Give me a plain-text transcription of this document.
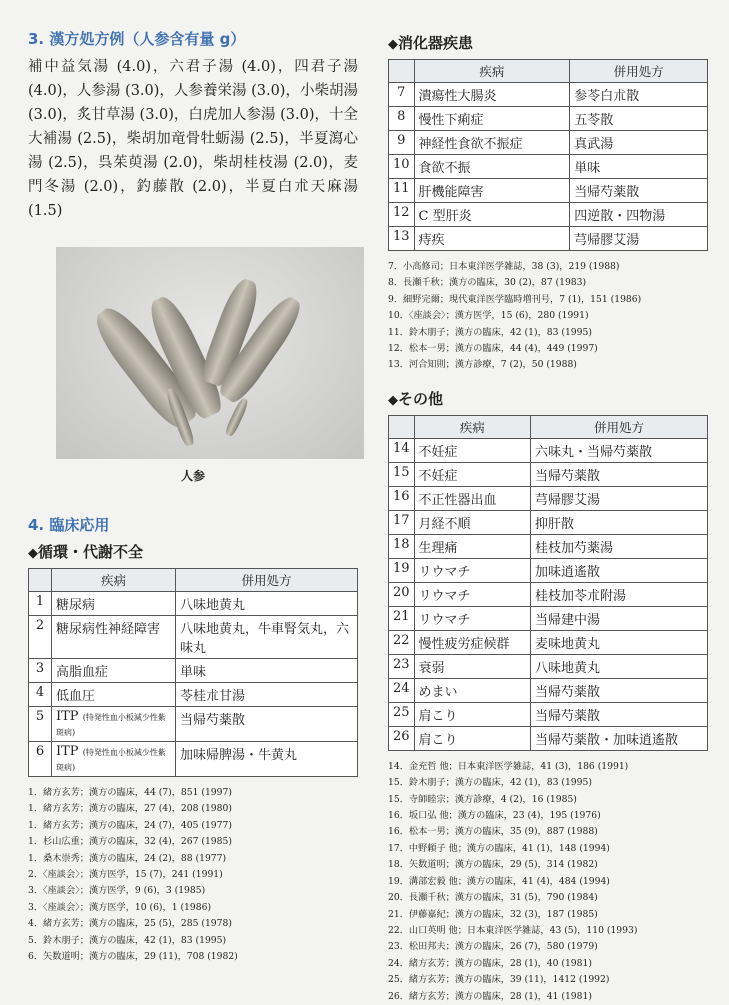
3. 漢方処方例（人参含有量 g）

補中益気湯 (4.0)，六君子湯 (4.0)，四君子湯 (4.0)，人参湯 (3.0)，人参養栄湯 (3.0)，小柴胡湯 (3.0)，炙甘草湯 (3.0)，白虎加人参湯 (3.0)，十全大補湯 (2.5)，柴胡加竜骨牡蛎湯 (2.5)，半夏瀉心湯 (2.5)，呉茱萸湯 (2.0)，柴胡桂枝湯 (2.0)，麦門冬湯 (2.0)，釣藤散 (2.0)，半夏白朮天麻湯 (1.5)

人参

4. 臨床応用
◆循環・代謝不全
	疾病	併用処方
1	糖尿病	八味地黄丸
2	糖尿病性神経障害	八味地黄丸，牛車腎気丸，六味丸
3	高脂血症	単味
4	低血圧	苓桂朮甘湯
5	ITP (特発性血小板減少性紫斑病)	当帰芍薬散
6	ITP (特発性血小板減少性紫斑病)	加味帰脾湯・牛黄丸
1．緒方玄芳；漢方の臨床，44 (7)，851 (1997)
1．緒方玄芳；漢方の臨床，27 (4)，208 (1980)
1．緒方玄芳；漢方の臨床，24 (7)，405 (1977)
1．杉山広重；漢方の臨床，32 (4)，267 (1985)
1．桑木崇秀；漢方の臨床，24 (2)，88 (1977)
2．〈座談会〉；漢方医学，15 (7)，241 (1991)
3．〈座談会〉；漢方医学，9 (6)，3 (1985)
3．〈座談会〉；漢方医学，10 (6)，1 (1986)
4．緒方玄芳；漢方の臨床，25 (5)，285 (1978)
5．鈴木朋子；漢方の臨床，42 (1)，83 (1995)
6．矢数道明；漢方の臨床，29 (11)，708 (1982)
◆消化器疾患
	疾病	併用処方
7	潰瘍性大腸炎	参苓白朮散
8	慢性下痢症	五苓散
9	神経性食欲不振症	真武湯
10	食欲不振	単味
11	肝機能障害	当帰芍薬散
12	C 型肝炎	四逆散・四物湯
13	痔疾	芎帰膠艾湯
7．小高修司；日本東洋医学雑誌，38 (3)，219 (1988)
8．長瀬千秋；漢方の臨床，30 (2)，87 (1983)
9．細野完爾；現代東洋医学臨時増刊号，7 (1)，151 (1986)
10．〈座談会〉；漢方医学，15 (6)，280 (1991)
11．鈴木朋子；漢方の臨床，42 (1)，83 (1995)
12．松本一男；漢方の臨床，44 (4)，449 (1997)
13．河合知則；漢方診療，7 (2)，50 (1988)
◆その他
	疾病	併用処方
14	不妊症	六味丸・当帰芍薬散
15	不妊症	当帰芍薬散
16	不正性器出血	芎帰膠艾湯
17	月経不順	抑肝散
18	生理痛	桂枝加芍薬湯
19	リウマチ	加味逍遙散
20	リウマチ	桂枝加苓朮附湯
21	リウマチ	当帰建中湯
22	慢性疲労症候群	麦味地黄丸
23	衰弱	八味地黄丸
24	めまい	当帰芍薬散
25	肩こり	当帰芍薬散
26	肩こり	当帰芍薬散・加味逍遙散
14．金充哲 他；日本東洋医学雑誌，41 (3)，186 (1991)
15．鈴木朋子；漢方の臨床，42 (1)，83 (1995)
15．寺師睦宗；漢方診療，4 (2)，16 (1985)
16．坂口弘 他；漢方の臨床，23 (4)，195 (1976)
16．松本一男；漢方の臨床，35 (9)，887 (1988)
17．中野頼子 他；漢方の臨床，41 (1)，148 (1994)
18．矢数道明；漢方の臨床，29 (5)，314 (1982)
19．溝部宏毅 他；漢方の臨床，41 (4)，484 (1994)
20．長瀬千秋；漢方の臨床，31 (5)，790 (1984)
21．伊藤嘉紀；漢方の臨床，32 (3)，187 (1985)
22．山口英明 他；日本東洋医学雑誌，43 (5)，110 (1993)
23．松田邦夫；漢方の臨床，26 (7)，580 (1979)
24．緒方玄芳；漢方の臨床，28 (1)，40 (1981)
25．緒方玄芳；漢方の臨床，39 (11)，1412 (1992)
26．緒方玄芳；漢方の臨床，28 (1)，41 (1981)
